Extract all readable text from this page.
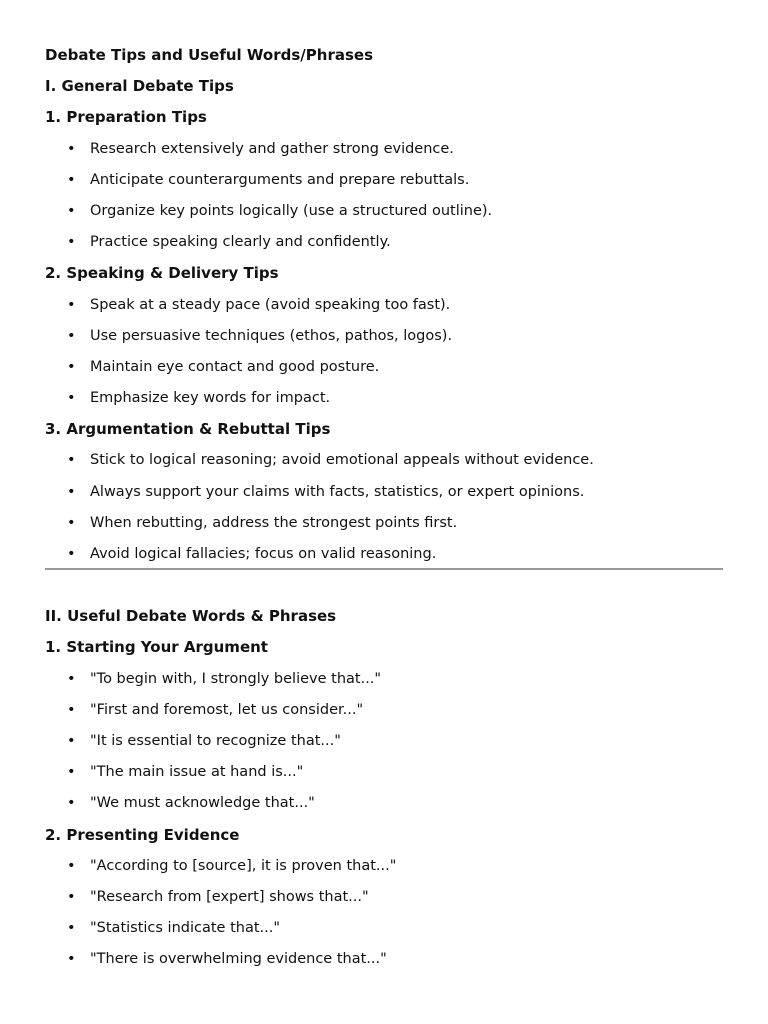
Debate Tips and Useful Words/Phrases
I. General Debate Tips
1. Preparation Tips
• Research extensively and gather strong evidence.
• Anticipate counterarguments and prepare rebuttals.
• Organize key points logically (use a structured outline).
• Practice speaking clearly and confidently.
2. Speaking & Delivery Tips
• Speak at a steady pace (avoid speaking too fast).
• Use persuasive techniques (ethos, pathos, logos).
• Maintain eye contact and good posture.
• Emphasize key words for impact.
3. Argumentation & Rebuttal Tips
• Stick to logical reasoning; avoid emotional appeals without evidence.
• Always support your claims with facts, statistics, or expert opinions.
• When rebutting, address the strongest points first.
• Avoid logical fallacies; focus on valid reasoning.
II. Useful Debate Words & Phrases
1. Starting Your Argument
• "To begin with, I strongly believe that..."
• "First and foremost, let us consider..."
• "It is essential to recognize that..."
• "The main issue at hand is..."
• "We must acknowledge that..."
2. Presenting Evidence
• "According to [source], it is proven that..."
• "Research from [expert] shows that..."
• "Statistics indicate that..."
• "There is overwhelming evidence that..."
